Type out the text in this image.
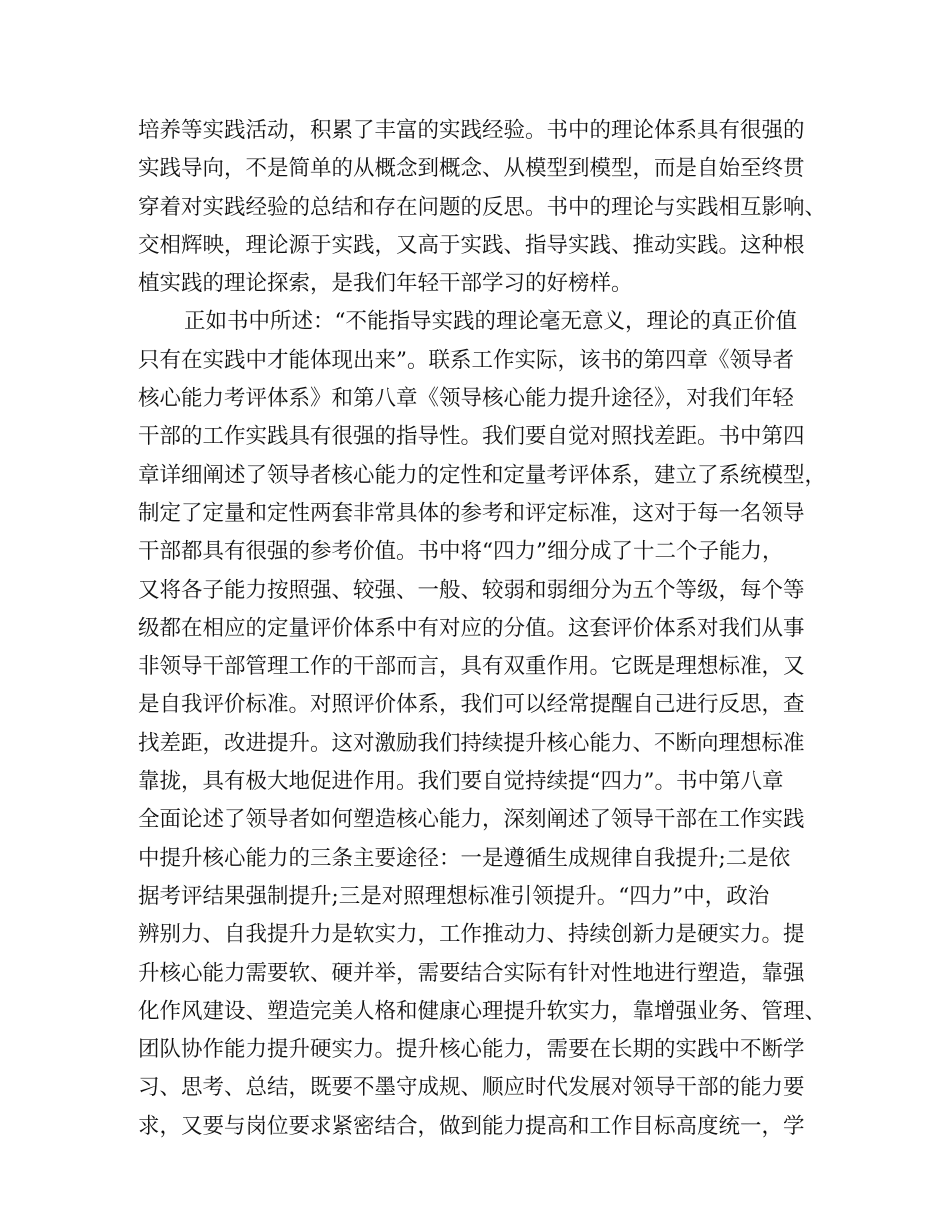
培养等实践活动，积累了丰富的实践经验。书中的理论体系具有很强的
实践导向，不是简单的从概念到概念、从模型到模型，而是自始至终贯
穿着对实践经验的总结和存在问题的反思。书中的理论与实践相互影响、
交相辉映，理论源于实践，又高于实践、指导实践、推动实践。这种根
植实践的理论探索，是我们年轻干部学习的好榜样。
正如书中所述：“不能指导实践的理论毫无意义，理论的真正价值
只有在实践中才能体现出来”。联系工作实际，该书的第四章《领导者
核心能力考评体系》和第八章《领导核心能力提升途径》，对我们年轻
干部的工作实践具有很强的指导性。我们要自觉对照找差距。书中第四
章详细阐述了领导者核心能力的定性和定量考评体系，建立了系统模型，
制定了定量和定性两套非常具体的参考和评定标准，这对于每一名领导
干部都具有很强的参考价值。书中将“四力”细分成了十二个子能力，
又将各子能力按照强、较强、一般、较弱和弱细分为五个等级，每个等
级都在相应的定量评价体系中有对应的分值。这套评价体系对我们从事
非领导干部管理工作的干部而言，具有双重作用。它既是理想标准，又
是自我评价标准。对照评价体系，我们可以经常提醒自己进行反思，查
找差距，改进提升。这对激励我们持续提升核心能力、不断向理想标准
靠拢，具有极大地促进作用。我们要自觉持续提“四力”。书中第八章
全面论述了领导者如何塑造核心能力，深刻阐述了领导干部在工作实践
中提升核心能力的三条主要途径：一是遵循生成规律自我提升;二是依
据考评结果强制提升;三是对照理想标准引领提升。“四力”中，政治
辨别力、自我提升力是软实力，工作推动力、持续创新力是硬实力。提
升核心能力需要软、硬并举，需要结合实际有针对性地进行塑造，靠强
化作风建设、塑造完美人格和健康心理提升软实力，靠增强业务、管理、
团队协作能力提升硬实力。提升核心能力，需要在长期的实践中不断学
习、思考、总结，既要不墨守成规、顺应时代发展对领导干部的能力要
求，又要与岗位要求紧密结合，做到能力提高和工作目标高度统一，学
